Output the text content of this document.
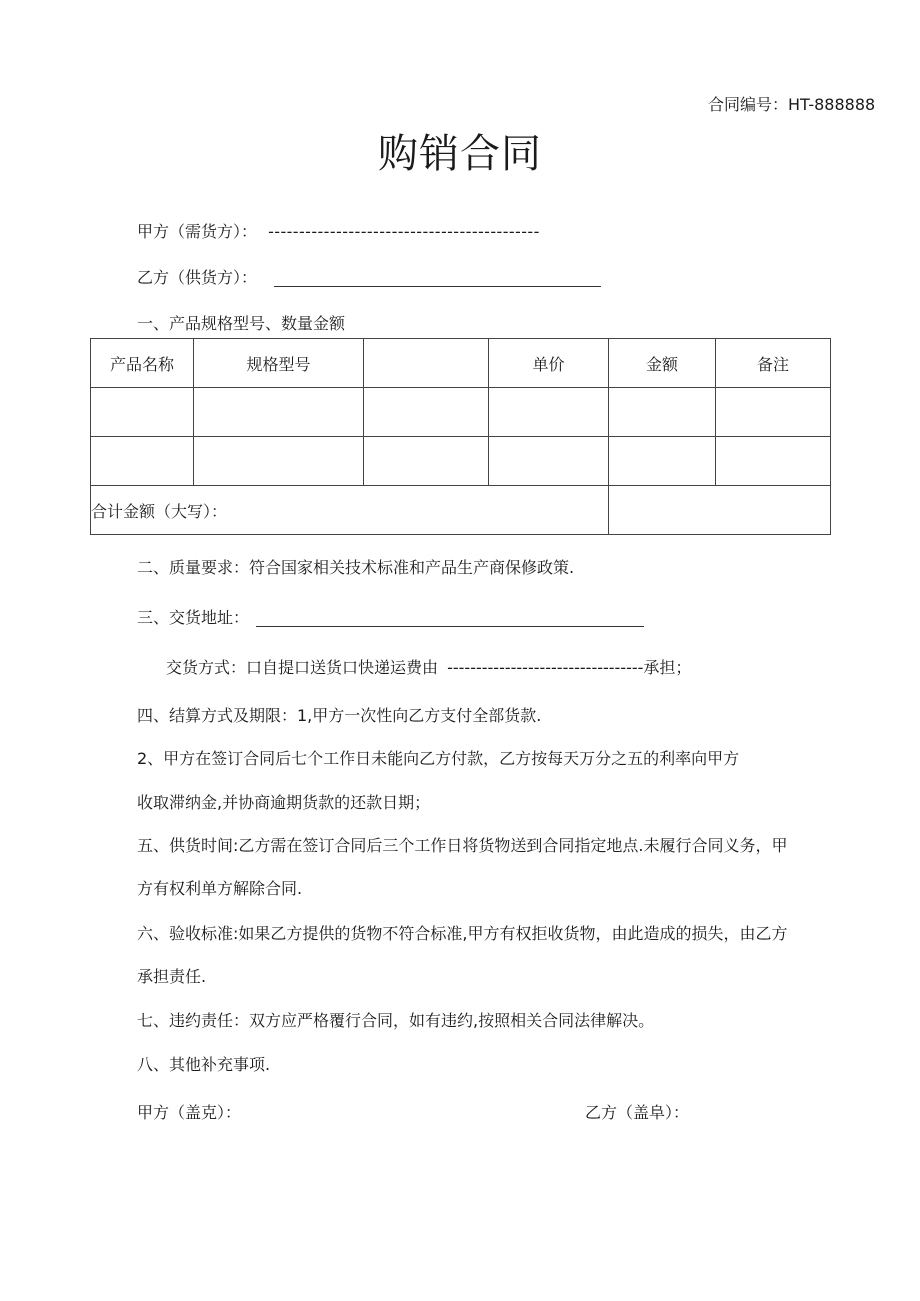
合同编号：HT-888888
购销合同
甲方（需货方）： --------------------------------------------
乙方（供货方）：
一、产品规格型号、数量金额
产品名称	规格型号		单价	金额	备注

合计金额（大写）：					
二、质量要求：符合国家相关技术标准和产品生产商保修政策.
三、交货地址：
交货方式：口自提口送货口快递运费由 ----------------------------------承担；
四、结算方式及期限：1,甲方一次性向乙方支付全部货款.
2、甲方在签订合同后七个工作日未能向乙方付款，乙方按每天万分之五的利率向甲方
收取滞纳金,并协商逾期货款的还款日期；
五、供货时间:乙方需在签订合同后三个工作日将货物送到合同指定地点.未履行合同义务，甲
方有权利单方解除合同.
六、验收标准:如果乙方提供的货物不符合标准,甲方有权拒收货物，由此造成的损失，由乙方
承担责任.
七、违约责任：双方应严格覆行合同，如有违约,按照相关合同法律解决。
八、其他补充事项.
甲方（盖克）：	乙方（盖阜）：
